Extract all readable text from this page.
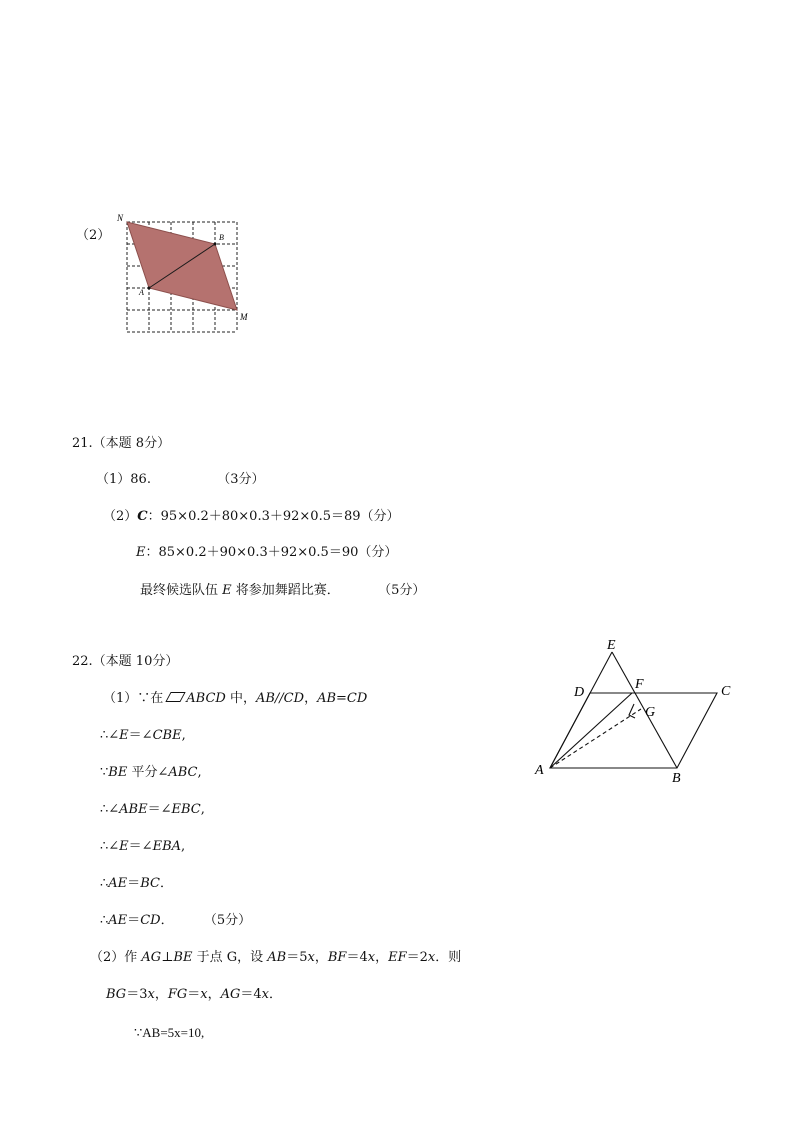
（2）
N
B
A
M
21.（本题 8分）
（1）86.	（3分）
（2）C：95×0.2＋80×0.3＋92×0.5＝89（分）
E：85×0.2＋90×0.3＋92×0.5＝90（分）
最终候选队伍 E 将参加舞蹈比赛．	（5分）
22.（本题 10分）
（1）∵在 ABCD 中，AB//CD，AB=CD
∴∠E＝∠CBE,
∵BE 平分∠ABC,
∴∠ABE＝∠EBC,
∴∠E＝∠EBA,
∴AE＝BC．
∴AE＝CD． （5分）
（2）作 AG⊥BE 于点 G，设 AB＝5x，BF＝4x，EF＝2x．则
BG＝3x，FG＝x，AG＝4x．
∵AB=5x=10,
E
D
F	C
G
A
B
